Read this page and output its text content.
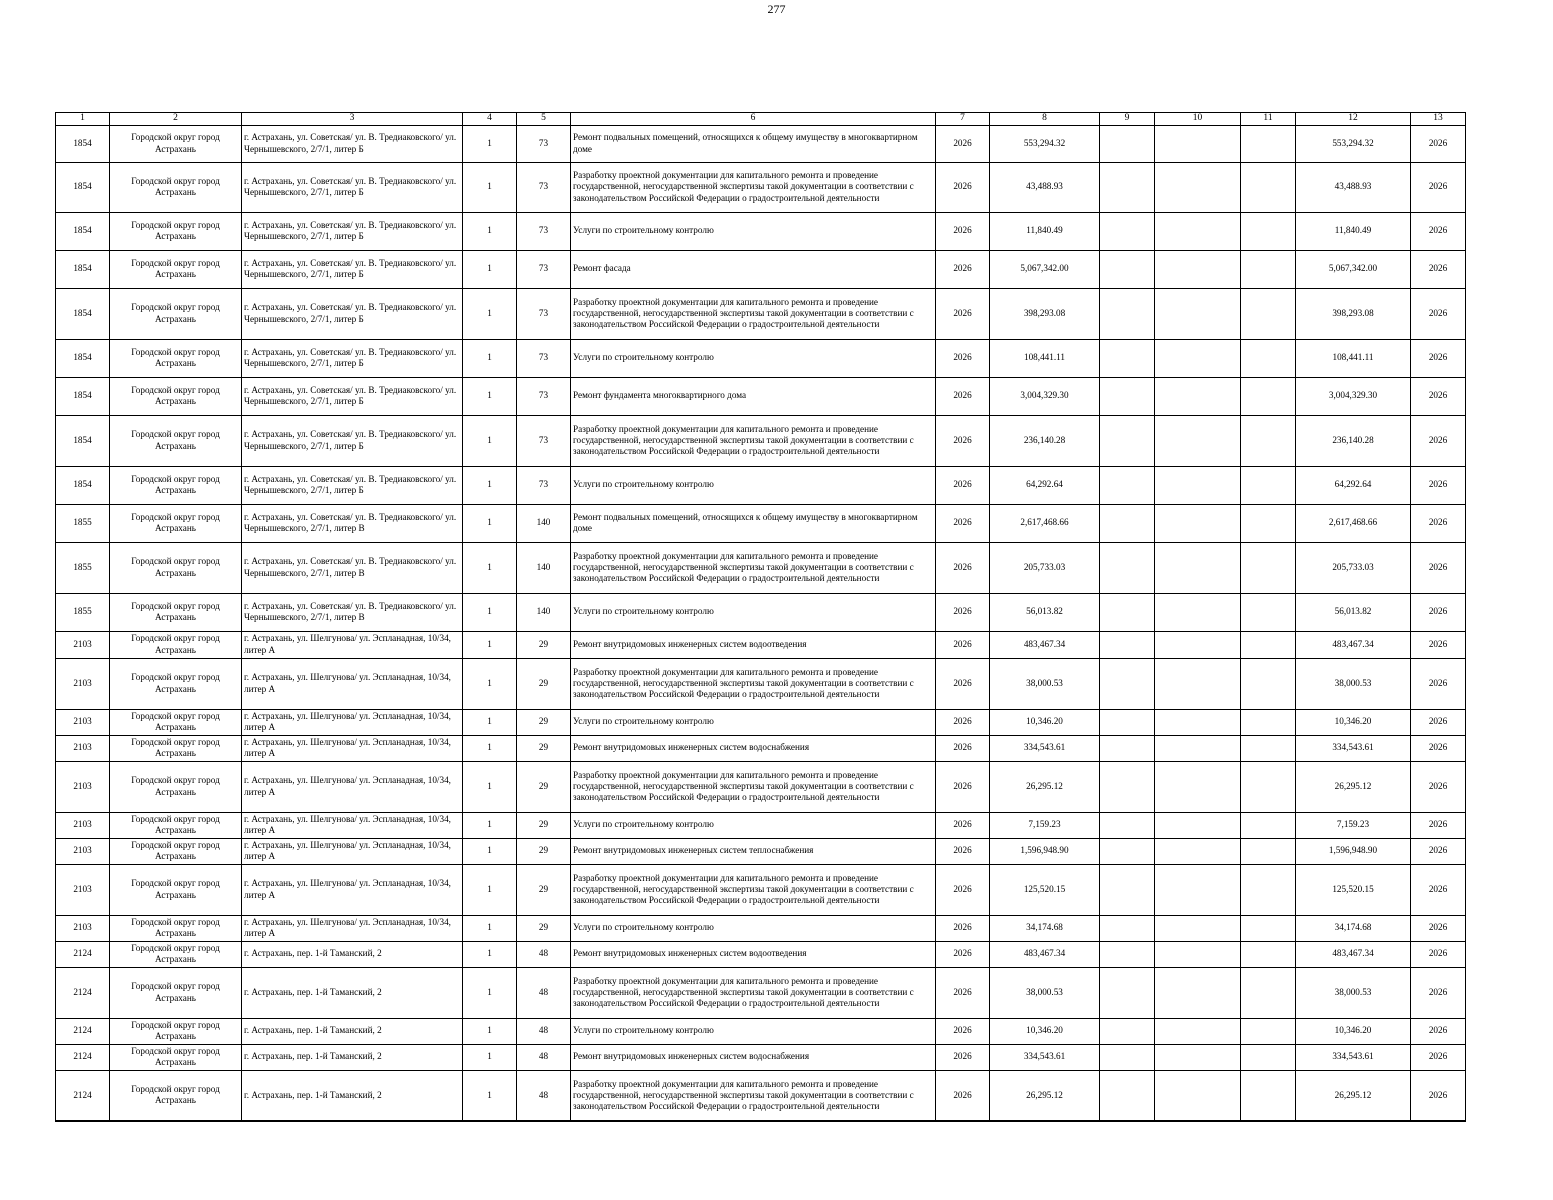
277
1	2	3	4	5	6	7	8	9	10	11	12	13
1854	Городской округ город Астрахань	г. Астрахань, ул. Советская/ ул. В. Тредиаковского/ ул. Чернышевского, 2/7/1, литер Б	1	73	Ремонт подвальных помещений, относящихся к общему имуществу в многоквартирном доме	2026	553,294.32				553,294.32	2026
1854	Городской округ город Астрахань	г. Астрахань, ул. Советская/ ул. В. Тредиаковского/ ул. Чернышевского, 2/7/1, литер Б	1	73	Разработку проектной документации для капитального ремонта и проведение государственной, негосударственной экспертизы такой документации в соответствии с законодательством Российской Федерации о градостроительной деятельности	2026	43,488.93				43,488.93	2026
1854	Городской округ город Астрахань	г. Астрахань, ул. Советская/ ул. В. Тредиаковского/ ул. Чернышевского, 2/7/1, литер Б	1	73	Услуги по строительному контролю	2026	11,840.49				11,840.49	2026
1854	Городской округ город Астрахань	г. Астрахань, ул. Советская/ ул. В. Тредиаковского/ ул. Чернышевского, 2/7/1, литер Б	1	73	Ремонт фасада	2026	5,067,342.00				5,067,342.00	2026
1854	Городской округ город Астрахань	г. Астрахань, ул. Советская/ ул. В. Тредиаковского/ ул. Чернышевского, 2/7/1, литер Б	1	73	Разработку проектной документации для капитального ремонта и проведение государственной, негосударственной экспертизы такой документации в соответствии с законодательством Российской Федерации о градостроительной деятельности	2026	398,293.08				398,293.08	2026
1854	Городской округ город Астрахань	г. Астрахань, ул. Советская/ ул. В. Тредиаковского/ ул. Чернышевского, 2/7/1, литер Б	1	73	Услуги по строительному контролю	2026	108,441.11				108,441.11	2026
1854	Городской округ город Астрахань	г. Астрахань, ул. Советская/ ул. В. Тредиаковского/ ул. Чернышевского, 2/7/1, литер Б	1	73	Ремонт фундамента многоквартирного дома	2026	3,004,329.30				3,004,329.30	2026
1854	Городской округ город Астрахань	г. Астрахань, ул. Советская/ ул. В. Тредиаковского/ ул. Чернышевского, 2/7/1, литер Б	1	73	Разработку проектной документации для капитального ремонта и проведение государственной, негосударственной экспертизы такой документации в соответствии с законодательством Российской Федерации о градостроительной деятельности	2026	236,140.28				236,140.28	2026
1854	Городской округ город Астрахань	г. Астрахань, ул. Советская/ ул. В. Тредиаковского/ ул. Чернышевского, 2/7/1, литер Б	1	73	Услуги по строительному контролю	2026	64,292.64				64,292.64	2026
1855	Городской округ город Астрахань	г. Астрахань, ул. Советская/ ул. В. Тредиаковского/ ул. Чернышевского, 2/7/1, литер В	1	140	Ремонт подвальных помещений, относящихся к общему имуществу в многоквартирном доме	2026	2,617,468.66				2,617,468.66	2026
1855	Городской округ город Астрахань	г. Астрахань, ул. Советская/ ул. В. Тредиаковского/ ул. Чернышевского, 2/7/1, литер В	1	140	Разработку проектной документации для капитального ремонта и проведение государственной, негосударственной экспертизы такой документации в соответствии с законодательством Российской Федерации о градостроительной деятельности	2026	205,733.03				205,733.03	2026
1855	Городской округ город Астрахань	г. Астрахань, ул. Советская/ ул. В. Тредиаковского/ ул. Чернышевского, 2/7/1, литер В	1	140	Услуги по строительному контролю	2026	56,013.82				56,013.82	2026
2103	Городской округ город Астрахань	г. Астрахань, ул. Шелгунова/ ул. Эспланадная, 10/34, литер А	1	29	Ремонт внутридомовых инженерных систем водоотведения	2026	483,467.34				483,467.34	2026
2103	Городской округ город Астрахань	г. Астрахань, ул. Шелгунова/ ул. Эспланадная, 10/34, литер А	1	29	Разработку проектной документации для капитального ремонта и проведение государственной, негосударственной экспертизы такой документации в соответствии с законодательством Российской Федерации о градостроительной деятельности	2026	38,000.53				38,000.53	2026
2103	Городской округ город Астрахань	г. Астрахань, ул. Шелгунова/ ул. Эспланадная, 10/34, литер А	1	29	Услуги по строительному контролю	2026	10,346.20				10,346.20	2026
2103	Городской округ город Астрахань	г. Астрахань, ул. Шелгунова/ ул. Эспланадная, 10/34, литер А	1	29	Ремонт внутридомовых инженерных систем водоснабжения	2026	334,543.61				334,543.61	2026
2103	Городской округ город Астрахань	г. Астрахань, ул. Шелгунова/ ул. Эспланадная, 10/34, литер А	1	29	Разработку проектной документации для капитального ремонта и проведение государственной, негосударственной экспертизы такой документации в соответствии с законодательством Российской Федерации о градостроительной деятельности	2026	26,295.12				26,295.12	2026
2103	Городской округ город Астрахань	г. Астрахань, ул. Шелгунова/ ул. Эспланадная, 10/34, литер А	1	29	Услуги по строительному контролю	2026	7,159.23				7,159.23	2026
2103	Городской округ город Астрахань	г. Астрахань, ул. Шелгунова/ ул. Эспланадная, 10/34, литер А	1	29	Ремонт внутридомовых инженерных систем теплоснабжения	2026	1,596,948.90				1,596,948.90	2026
2103	Городской округ город Астрахань	г. Астрахань, ул. Шелгунова/ ул. Эспланадная, 10/34, литер А	1	29	Разработку проектной документации для капитального ремонта и проведение государственной, негосударственной экспертизы такой документации в соответствии с законодательством Российской Федерации о градостроительной деятельности	2026	125,520.15				125,520.15	2026
2103	Городской округ город Астрахань	г. Астрахань, ул. Шелгунова/ ул. Эспланадная, 10/34, литер А	1	29	Услуги по строительному контролю	2026	34,174.68				34,174.68	2026
2124	Городской округ город Астрахань	г. Астрахань, пер. 1-й Таманский, 2	1	48	Ремонт внутридомовых инженерных систем водоотведения	2026	483,467.34				483,467.34	2026
2124	Городской округ город Астрахань	г. Астрахань, пер. 1-й Таманский, 2	1	48	Разработку проектной документации для капитального ремонта и проведение государственной, негосударственной экспертизы такой документации в соответствии с законодательством Российской Федерации о градостроительной деятельности	2026	38,000.53				38,000.53	2026
2124	Городской округ город Астрахань	г. Астрахань, пер. 1-й Таманский, 2	1	48	Услуги по строительному контролю	2026	10,346.20				10,346.20	2026
2124	Городской округ город Астрахань	г. Астрахань, пер. 1-й Таманский, 2	1	48	Ремонт внутридомовых инженерных систем водоснабжения	2026	334,543.61				334,543.61	2026
2124	Городской округ город Астрахань	г. Астрахань, пер. 1-й Таманский, 2	1	48	Разработку проектной документации для капитального ремонта и проведение государственной, негосударственной экспертизы такой документации в соответствии с законодательством Российской Федерации о градостроительной деятельности	2026	26,295.12				26,295.12	2026
